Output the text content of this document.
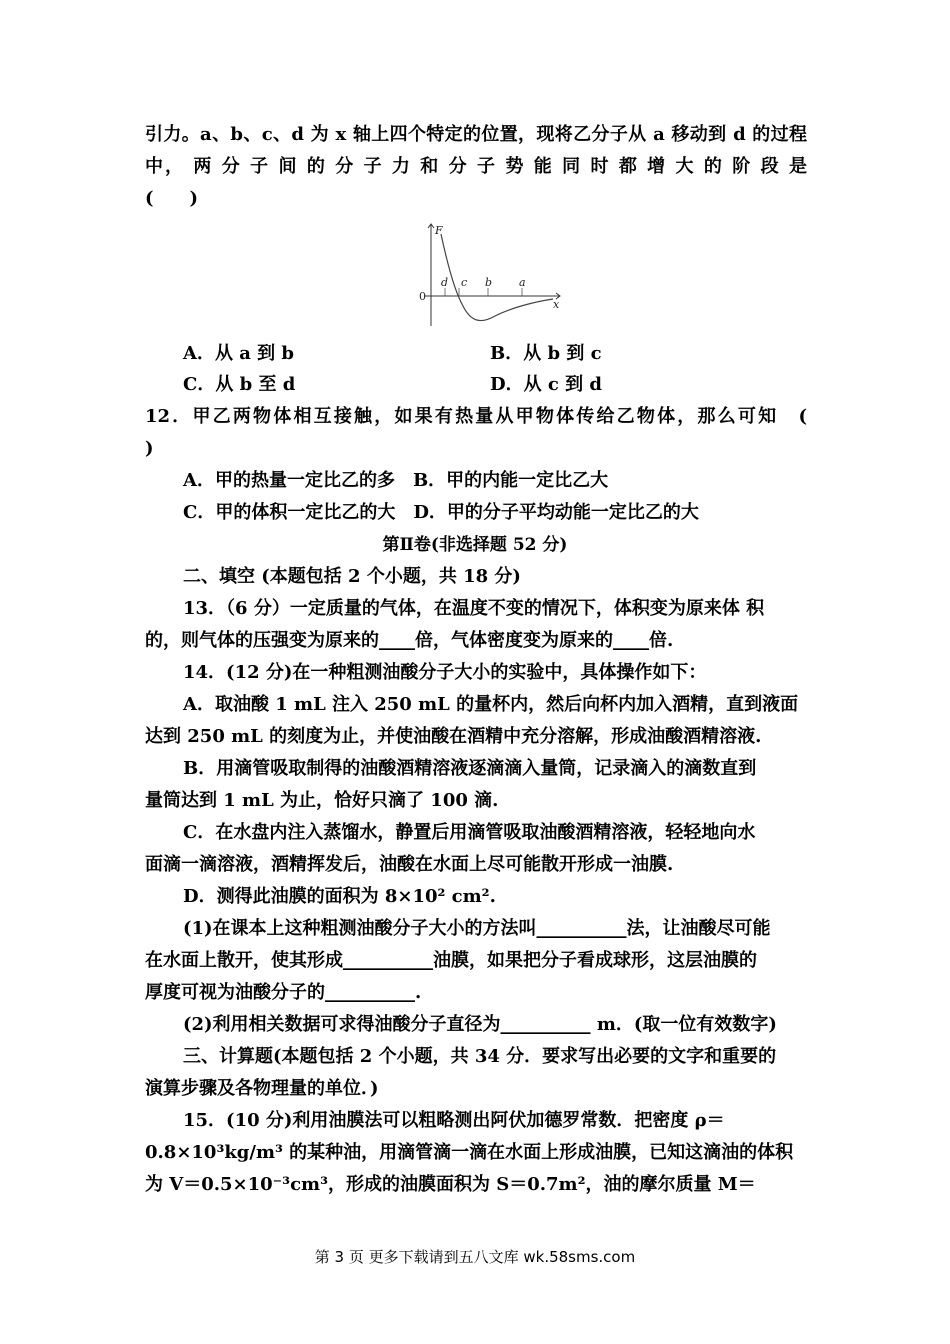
引力。a、b、c、d 为 x 轴上四个特定的位置，现将乙分子从 a 移动到 d 的过程
中， 两 分 子 间 的 分 子 力 和 分 子 势 能 同 时 都 增 大 的 阶 段 是
(　　)
F
0
x
d c b a
A．从 a 到 b	B．从 b 到 c
C．从 b 至 d	D．从 c 到 d
12．甲乙两物体相互接触，如果有热量从甲物体传给乙物体，那么可知　(
)
A．甲的热量一定比乙的多　B．甲的内能一定比乙大
C．甲的体积一定比乙的大　D．甲的分子平均动能一定比乙的大
第Ⅱ卷(非选择题 52 分)
二、填空 (本题包括 2 个小题，共 18 分)
13．（6 分）一定质量的气体，在温度不变的情况下，体积变为原来体 积
的，则气体的压强变为原来的____倍，气体密度变为原来的____倍.
14．(12 分)在一种粗测油酸分子大小的实验中，具体操作如下：
A．取油酸 1 mL 注入 250 mL 的量杯内，然后向杯内加入酒精，直到液面
达到 250 mL 的刻度为止，并使油酸在酒精中充分溶解，形成油酸酒精溶液.
B．用滴管吸取制得的油酸酒精溶液逐滴滴入量筒，记录滴入的滴数直到
量筒达到 1 mL 为止，恰好只滴了 100 滴.
C．在水盘内注入蒸馏水，静置后用滴管吸取油酸酒精溶液，轻轻地向水
面滴一滴溶液，酒精挥发后，油酸在水面上尽可能散开形成一油膜.
D．测得此油膜的面积为 8×10² cm².
(1)在课本上这种粗测油酸分子大小的方法叫__________法，让油酸尽可能
在水面上散开，使其形成__________油膜，如果把分子看成球形，这层油膜的
厚度可视为油酸分子的__________.
(2)利用相关数据可求得油酸分子直径为__________ m．(取一位有效数字)
三、计算题(本题包括 2 个小题，共 34 分．要求写出必要的文字和重要的
演算步骤及各物理量的单位．)
15．(10 分)利用油膜法可以粗略测出阿伏加德罗常数．把密度 ρ＝
0.8×10³kg/m³ 的某种油，用滴管滴一滴在水面上形成油膜，已知这滴油的体积
为 V＝0.5×10⁻³cm³，形成的油膜面积为 S＝0.7m²，油的摩尔质量 M＝
第 3 页 更多下载请到五八文库 wk.58sms.com
